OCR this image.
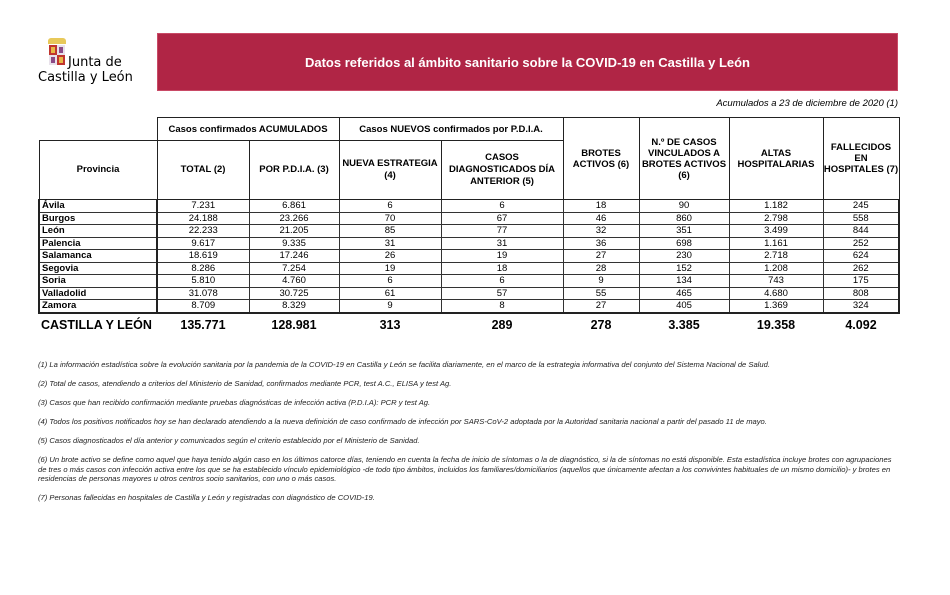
Junta de
Castilla y León
Datos referidos al ámbito sanitario sobre la COVID-19 en Castilla y León
Acumulados a 23 de diciembre de 2020 (1)
	Casos confirmados ACUMULADOS		Casos NUEVOS confirmados por P.D.I.A.		BROTES ACTIVOS (6)	N.º DE CASOS VINCULADOS A BROTES ACTIVOS (6)	ALTAS HOSPITALARIAS	FALLECIDOS EN HOSPITALES (7)
Provincia	TOTAL (2)	POR P.D.I.A. (3)	NUEVA ESTRATEGIA (4)	CASOS DIAGNOSTICADOS DÍA ANTERIOR (5)				
Ávila	7.231	6.861	6	6	18	90	1.182	245
Burgos	24.188	23.266	70	67	46	860	2.798	558
León	22.233	21.205	85	77	32	351	3.499	844
Palencia	9.617	9.335	31	31	36	698	1.161	252
Salamanca	18.619	17.246	26	19	27	230	2.718	624
Segovia	8.286	7.254	19	18	28	152	1.208	262
Soria	5.810	4.760	6	6	9	134	743	175
Valladolid	31.078	30.725	61	57	55	465	4.680	808
Zamora	8.709	8.329	9	8	27	405	1.369	324
CASTILLA Y LEÓN	135.771	128.981	313	289	278	3.385	19.358	4.092

(1) La información estadística sobre la evolución sanitaria por la pandemia de la COVID-19 en Castilla y León se facilita diariamente, en el marco de la estrategia informativa del conjunto del Sistema Nacional de Salud.

(2) Total de casos, atendiendo a criterios del Ministerio de Sanidad, confirmados mediante PCR, test A.C., ELISA y test Ag.

(3) Casos que han recibido confirmación mediante pruebas diagnósticas de infección activa (P.D.I.A): PCR y test Ag.

(4) Todos los positivos notificados hoy se han declarado atendiendo a la nueva definición de caso confirmado de infección por SARS-CoV-2 adoptada por la Autoridad sanitaria nacional a partir del pasado 11 de mayo.

(5) Casos diagnosticados el día anterior y comunicados según el criterio establecido por el Ministerio de Sanidad.

(6) Un brote activo se define como aquel que haya tenido algún caso en los últimos catorce días, teniendo en cuenta la fecha de inicio de síntomas o la de diagnóstico, si la de síntomas no está disponible. Esta estadística incluye brotes con agrupaciones de tres o más casos con infección activa entre los que se ha establecido vínculo epidemiológico -de todo tipo ámbitos, incluidos los familiares/domiciliarios (aquellos que únicamente afectan a los convivintes habituales de un mismo domicilio)- y brotes en residencias de personas mayores u otros centros socio sanitarios, con uno o más casos.

(7) Personas fallecidas en hospitales de Castilla y León y registradas con diagnóstico de COVID-19.
